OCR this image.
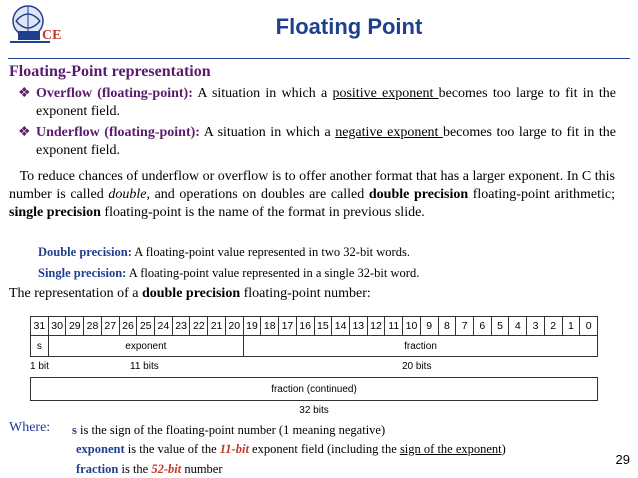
CE	Floating Point
Floating-Point representation
❖ Overflow (floating-point): A situation in which a positive exponent becomes too large to fit in the exponent field.
❖ Underflow (floating-point): A situation in which a negative exponent becomes too large to fit in the exponent field.
To reduce chances of underflow or overflow is to offer another format that has a larger exponent. In C this number is called double, and operations on doubles are called double precision floating-point arithmetic; single precision floating-point is the name of the format in previous slide.
Double precision: A floating-point value represented in two 32-bit words.
Single precision: A floating-point value represented in a single 32-bit word.
The representation of a double precision floating-point number:
31 30 29 28 27 26 25 24 23 22 21 20 19 18 17 16 15 14 13 12 11 10 9	8	7	6	5	4	3	2	1	0
s	exponent	fraction
1 bit	11 bits	20 bits
fraction (continued)
32 bits
Where: s is the sign of the floating-point number (1 meaning negative)
exponent is the value of the 11-bit exponent field (including the sign of the exponent)
fraction is the 52-bit number
29
